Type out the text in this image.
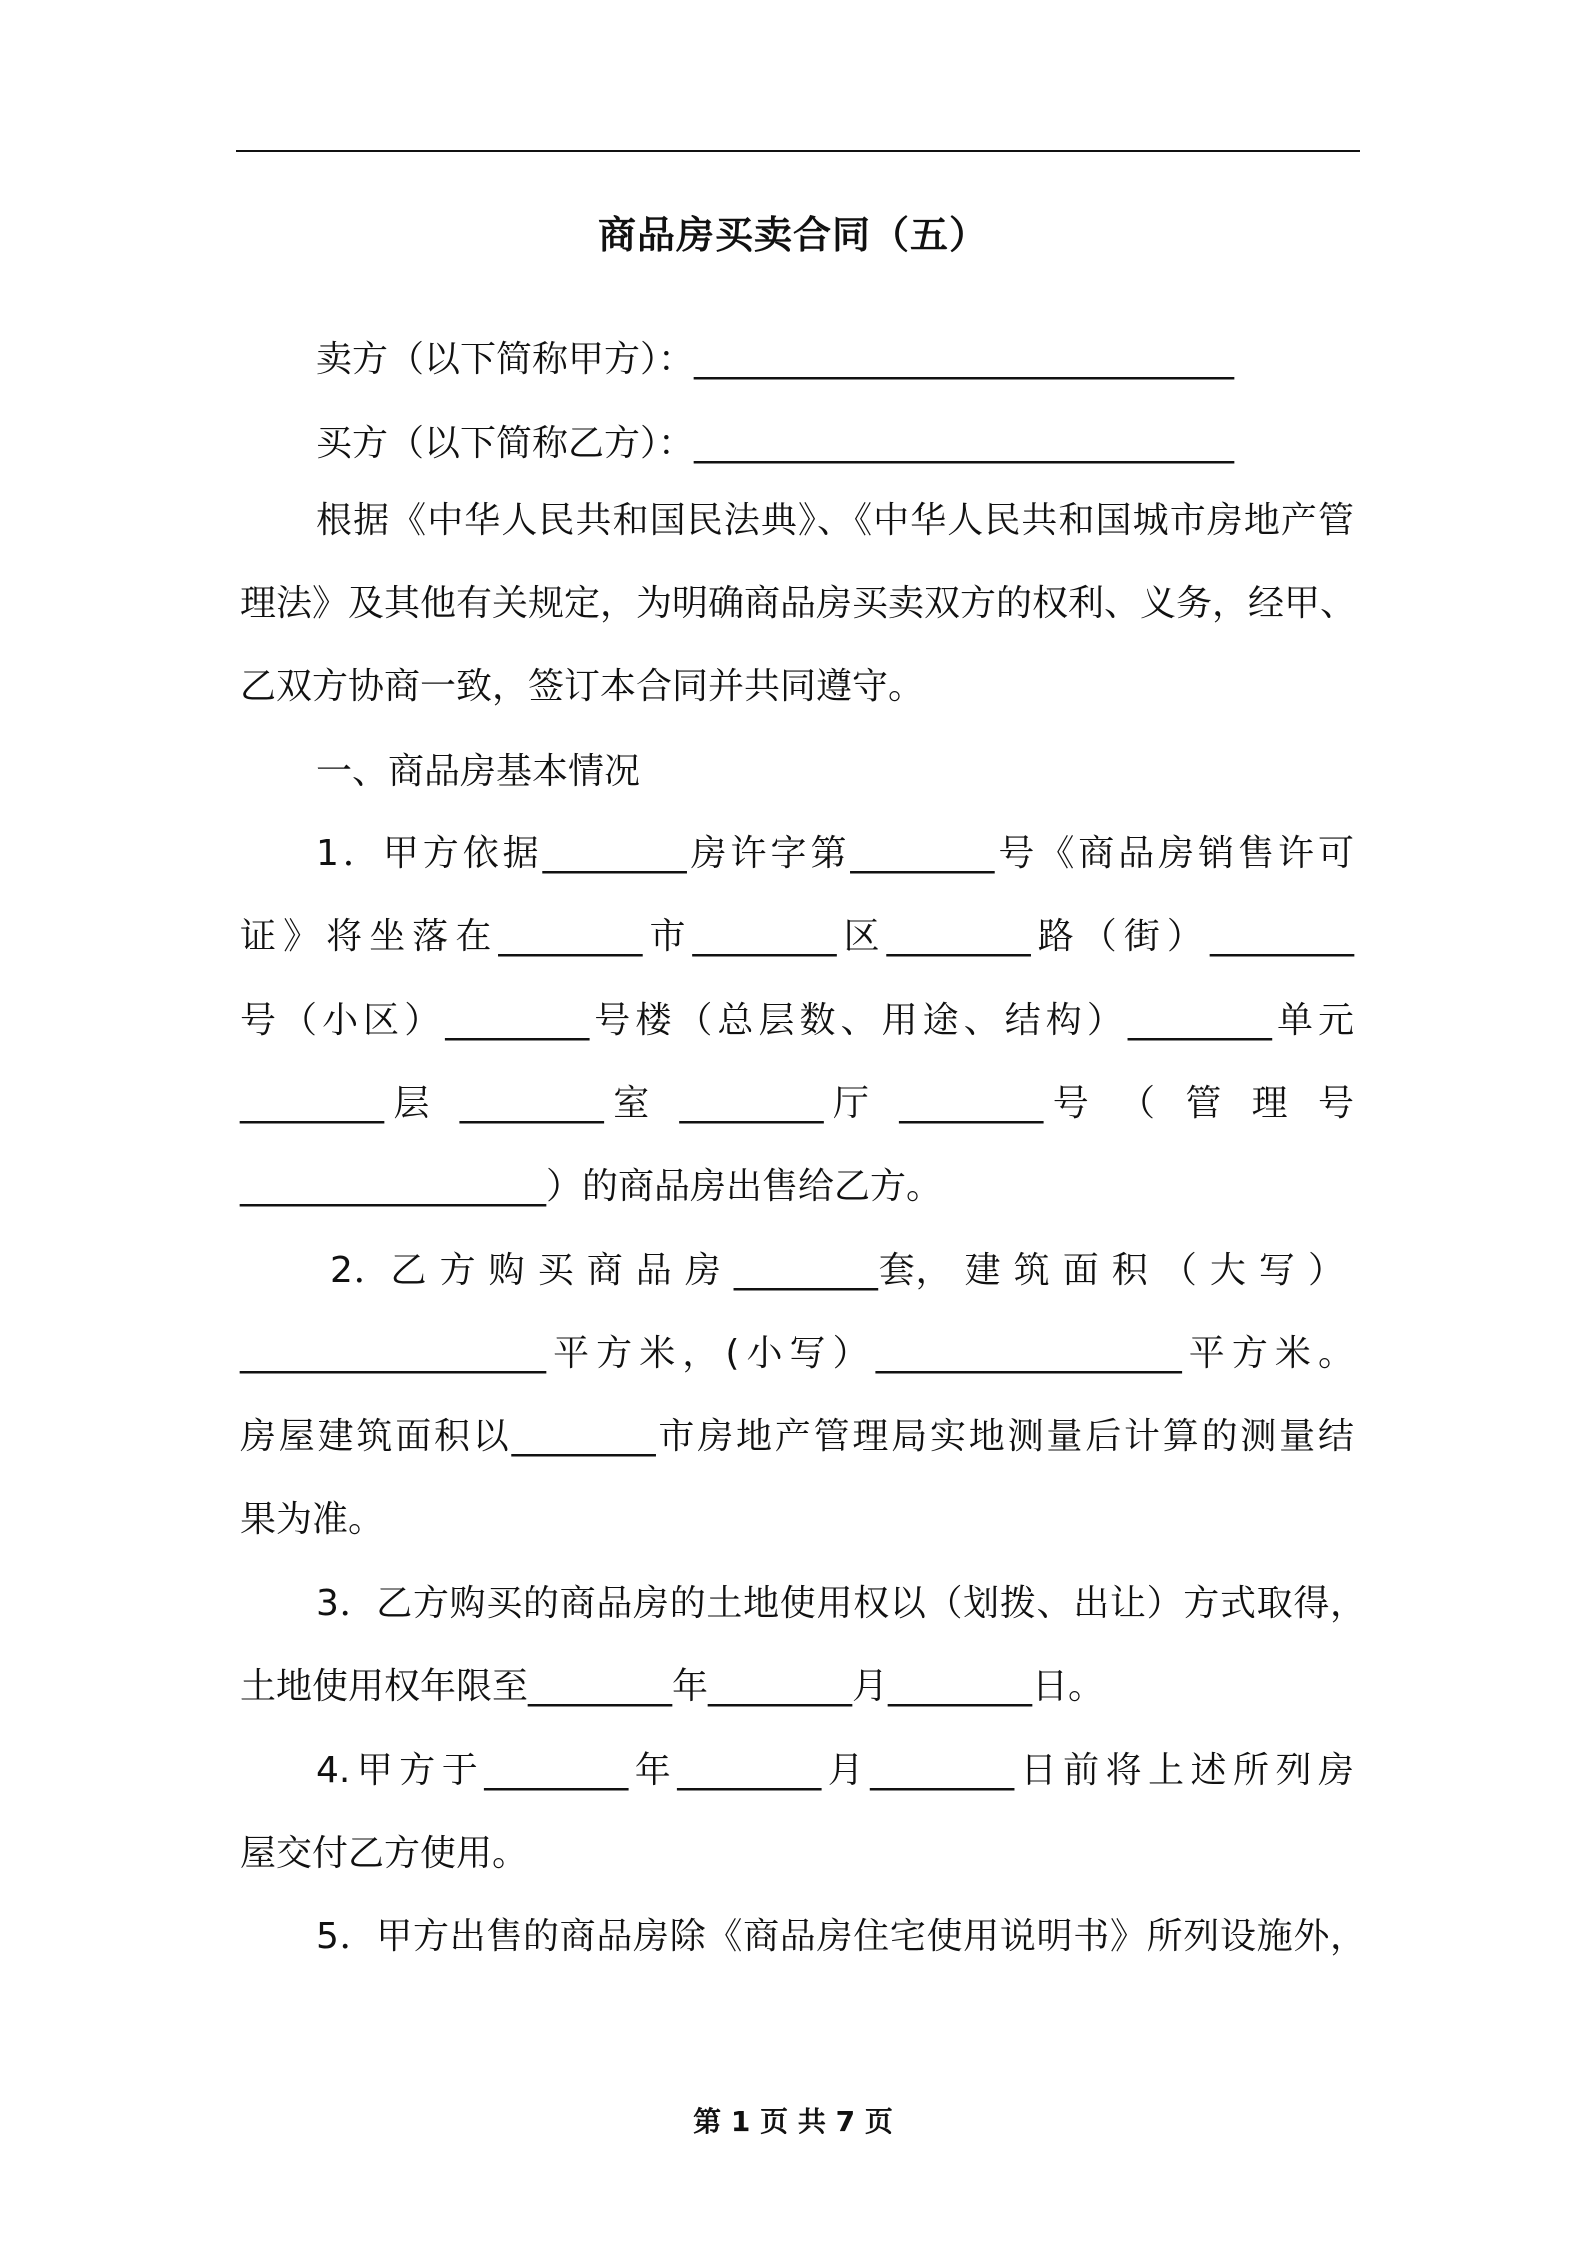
商品房买卖合同（五）
卖方（以下简称甲方）：______________________________
买方（以下简称乙方）：______________________________
根据《中华人民共和国民法典》、《中华人民共和国城市房地产管
理法》及其他有关规定，为明确商品房买卖双方的权利、义务，经甲、
乙双方协商一致，签订本合同并共同遵守。
一、商品房基本情况
1．甲方依据________房许字第________号《商品房销售许可
证》将坐落在________市________区________路（街）________
号（小区）________号楼（总层数、用途、结构）________单元
________层 ________室 ________厅 ________号 （ 管 理 号
_________________）的商品房出售给乙方。
2．乙 方 购 买 商 品 房 ________套， 建 筑 面 积 （ 大 写 ）
_________________平方米，(小写）_________________平方米。
房屋建筑面积以________市房地产管理局实地测量后计算的测量结
果为准。
3．乙方购买的商品房的土地使用权以（划拨、出让）方式取得，
土地使用权年限至________年________月________日。
4.甲方于________年________月________日前将上述所列房
屋交付乙方使用。
5．甲方出售的商品房除《商品房住宅使用说明书》所列设施外，
第 1 页 共 7 页
